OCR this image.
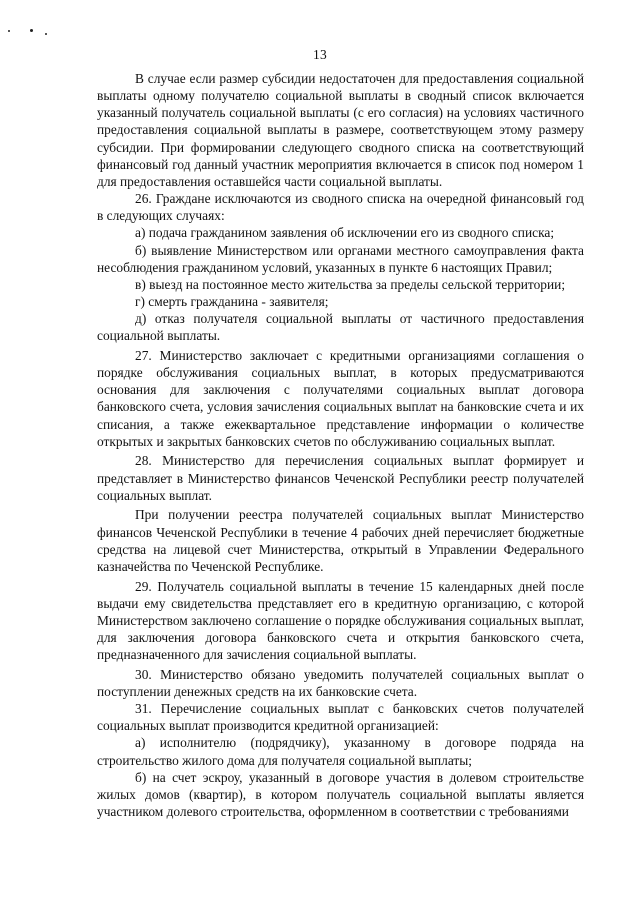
13

В случае если размер субсидии недостаточен для предоставления социальной выплаты одному получателю социальной выплаты в сводный список включается указанный получатель социальной выплаты (с его согласия) на условиях частичного предоставления социальной выплаты в размере, соответствующем этому размеру субсидии. При формировании следующего сводного списка на соответствующий финансовый год данный участник мероприятия включается в список под номером 1 для предоставления оставшейся части социальной выплаты.

26. Граждане исключаются из сводного списка на очередной финансовый год в следующих случаях:

а) подача гражданином заявления об исключении его из сводного списка;

б) выявление Министерством или органами местного самоуправления факта несоблюдения гражданином условий, указанных в пункте 6 настоящих Правил;

в) выезд на постоянное место жительства за пределы сельской территории;

г) смерть гражданина - заявителя;

д) отказ получателя социальной выплаты от частичного предоставления социальной выплаты.

27. Министерство заключает с кредитными организациями соглашения о порядке обслуживания социальных выплат, в которых предусматриваются основания для заключения с получателями социальных выплат договора банковского счета, условия зачисления социальных выплат на банковские счета и их списания, а также ежеквартальное представление информации о количестве открытых и закрытых банковских счетов по обслуживанию социальных выплат.

28. Министерство для перечисления социальных выплат формирует и представляет в Министерство финансов Чеченской Республики реестр получателей социальных выплат.

При получении реестра получателей социальных выплат Министерство финансов Чеченской Республики в течение 4 рабочих дней перечисляет бюджетные средства на лицевой счет Министерства, открытый в Управлении Федерального казначейства по Чеченской Республике.

29. Получатель социальной выплаты в течение 15 календарных дней после выдачи ему свидетельства представляет его в кредитную организацию, с которой Министерством заключено соглашение о порядке обслуживания социальных выплат, для заключения договора банковского счета и открытия банковского счета, предназначенного для зачисления социальной выплаты.

30. Министерство обязано уведомить получателей социальных выплат о поступлении денежных средств на их банковские счета.

31. Перечисление социальных выплат с банковских счетов получателей социальных выплат производится кредитной организацией:

а) исполнителю (подрядчику), указанному в договоре подряда на строительство жилого дома для получателя социальной выплаты;

б) на счет эскроу, указанный в договоре участия в долевом строительстве жилых домов (квартир), в котором получатель социальной выплаты является участником долевого строительства, оформленном в соответствии с требованиями
